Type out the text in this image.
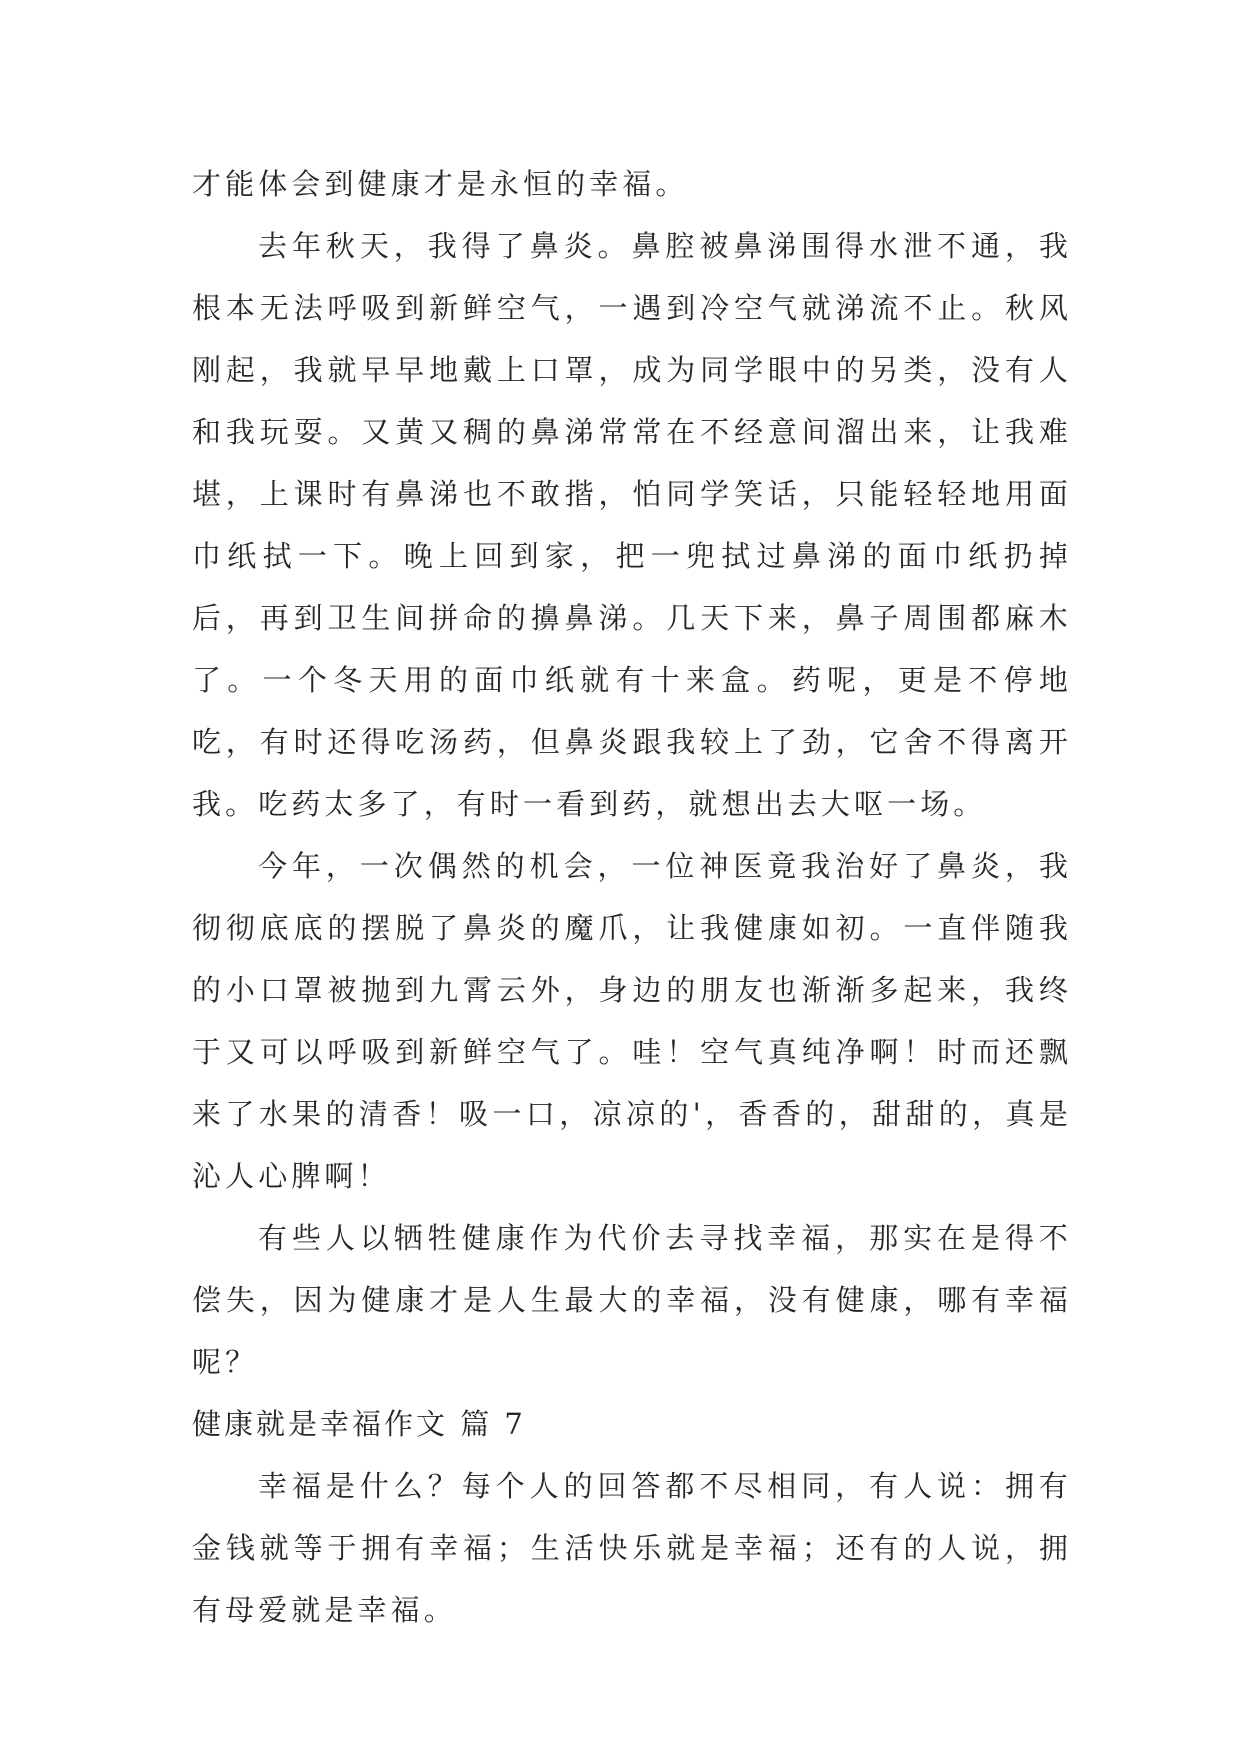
才能体会到健康才是永恒的幸福。

去年秋天，我得了鼻炎。鼻腔被鼻涕围得水泄不通，我根本无法呼吸到新鲜空气，一遇到冷空气就涕流不止。秋风刚起，我就早早地戴上口罩，成为同学眼中的另类，没有人和我玩耍。又黄又稠的鼻涕常常在不经意间溜出来，让我难堪，上课时有鼻涕也不敢揩，怕同学笑话，只能轻轻地用面巾纸拭一下。晚上回到家，把一兜拭过鼻涕的面巾纸扔掉后，再到卫生间拼命的擤鼻涕。几天下来，鼻子周围都麻木了。一个冬天用的面巾纸就有十来盒。药呢，更是不停地吃，有时还得吃汤药，但鼻炎跟我较上了劲，它舍不得离开我。吃药太多了，有时一看到药，就想出去大呕一场。

今年，一次偶然的机会，一位神医竟我治好了鼻炎，我彻彻底底的摆脱了鼻炎的魔爪，让我健康如初。一直伴随我的小口罩被抛到九霄云外，身边的朋友也渐渐多起来，我终于又可以呼吸到新鲜空气了。哇！空气真纯净啊！时而还飘来了水果的清香！吸一口，凉凉的'，香香的，甜甜的，真是沁人心脾啊！

有些人以牺牲健康作为代价去寻找幸福，那实在是得不偿失，因为健康才是人生最大的幸福，没有健康，哪有幸福呢？

健康就是幸福作文 篇 7

幸福是什么？每个人的回答都不尽相同，有人说：拥有金钱就等于拥有幸福；生活快乐就是幸福；还有的人说，拥有母爱就是幸福。
